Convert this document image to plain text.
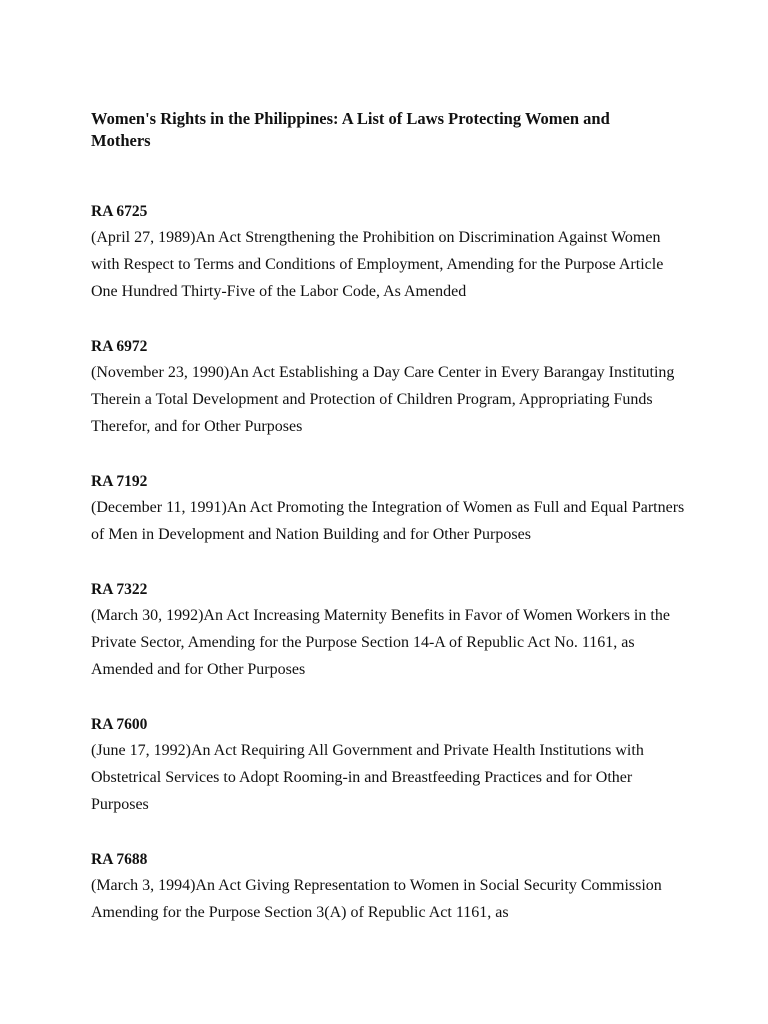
Women's Rights in the Philippines: A List of Laws Protecting Women and Mothers

RA 6725

(April 27, 1989)An Act Strengthening the Prohibition on Discrimination Against Women with Respect to Terms and Conditions of Employment, Amending for the Purpose Article One Hundred Thirty-Five of the Labor Code, As Amended

RA 6972

(November 23, 1990)An Act Establishing a Day Care Center in Every Barangay Instituting Therein a Total Development and Protection of Children Program, Appropriating Funds Therefor, and for Other Purposes

RA 7192

(December 11, 1991)An Act Promoting the Integration of Women as Full and Equal Partners of Men in Development and Nation Building and for Other Purposes

RA 7322

(March 30, 1992)An Act Increasing Maternity Benefits in Favor of Women Workers in the Private Sector, Amending for the Purpose Section 14-A of Republic Act No. 1161, as Amended and for Other Purposes

RA 7600

(June 17, 1992)An Act Requiring All Government and Private Health Institutions with Obstetrical Services to Adopt Rooming-in and Breastfeeding Practices and for Other Purposes

RA 7688

(March 3, 1994)An Act Giving Representation to Women in Social Security Commission Amending for the Purpose Section 3(A) of Republic Act 1161, as
